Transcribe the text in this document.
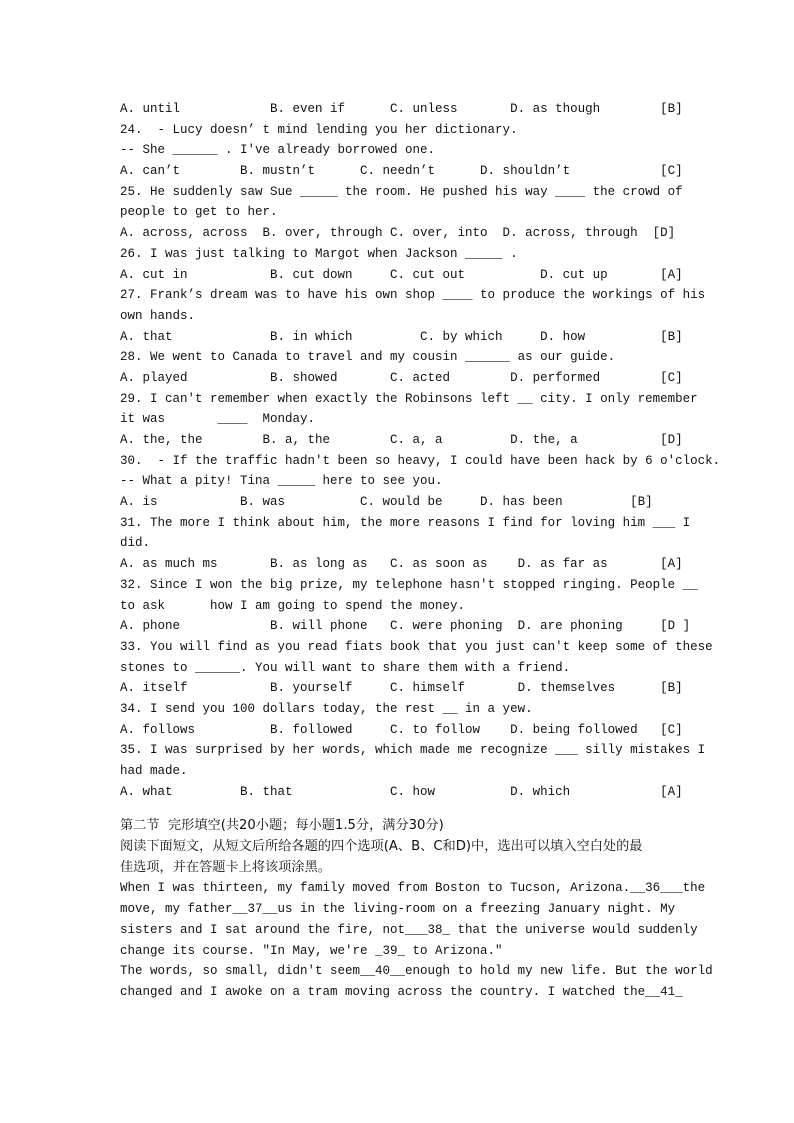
A. until            B. even if      C. unless       D. as though        [B]
24.  - Lucy doesn’ t mind lending you her dictionary.
-- She ______ . I've already borrowed one.
A. can’t        B. mustn’t      C. needn’t      D. shouldn’t            [C]
25. He suddenly saw Sue _____ the room. He pushed his way ____ the crowd of
people to get to her.
A. across, across  B. over, through C. over, into  D. across, through  [D]
26. I was just talking to Margot when Jackson _____ .
A. cut in           B. cut down     C. cut out          D. cut up       [A]
27. Frank’s dream was to have his own shop ____ to produce the workings of his
own hands.
A. that             B. in which         C. by which     D. how          [B]
28. We went to Canada to travel and my cousin ______ as our guide.
A. played           B. showed       C. acted        D. performed        [C]
29. I can't remember when exactly the Robinsons left __ city. I only remember
it was       ____  Monday.
A. the, the        B. a, the        C. a, a         D. the, a           [D]
30.  - If the traffic hadn't been so heavy, I could have been hack by 6 o'clock.
-- What a pity! Tina _____ here to see you.
A. is           B. was          C. would be     D. has been         [B]
31. The more I think about him, the more reasons I find for loving him ___ I
did.
A. as much ms       B. as long as   C. as soon as    D. as far as       [A]
32. Since I won the big prize, my telephone hasn't stopped ringing. People __
to ask      how I am going to spend the money.
A. phone            B. will phone   C. were phoning  D. are phoning     [D ]
33. You will find as you read fiats book that you just can't keep some of these
stones to ______. You will want to share them with a friend.
A. itself           B. yourself     C. himself       D. themselves      [B]
34. I send you 100 dollars today, the rest __ in a yew.
A. follows          B. followed     C. to follow    D. being followed   [C]
35. I was surprised by her words, which made me recognize ___ silly mistakes I
had made.
A. what         B. that             C. how          D. which            [A]
第二节  完形填空(共20小题；每小题1.5分，满分30分)
阅读下面短文，从短文后所给各题的四个选项(A、B、C和D)中，选出可以填入空白处的最
佳选项，并在答题卡上将该项涂黑。
When I was thirteen, my family moved from Boston to Tucson, Arizona.__36___the
move, my father__37__us in the living-room on a freezing January night. My
sisters and I sat around the fire, not___38_ that the universe would suddenly
change its course. "In May, we're _39_ to Arizona."
The words, so small, didn't seem__40__enough to hold my new life. But the world
changed and I awoke on a tram moving across the country. I watched the__41_
